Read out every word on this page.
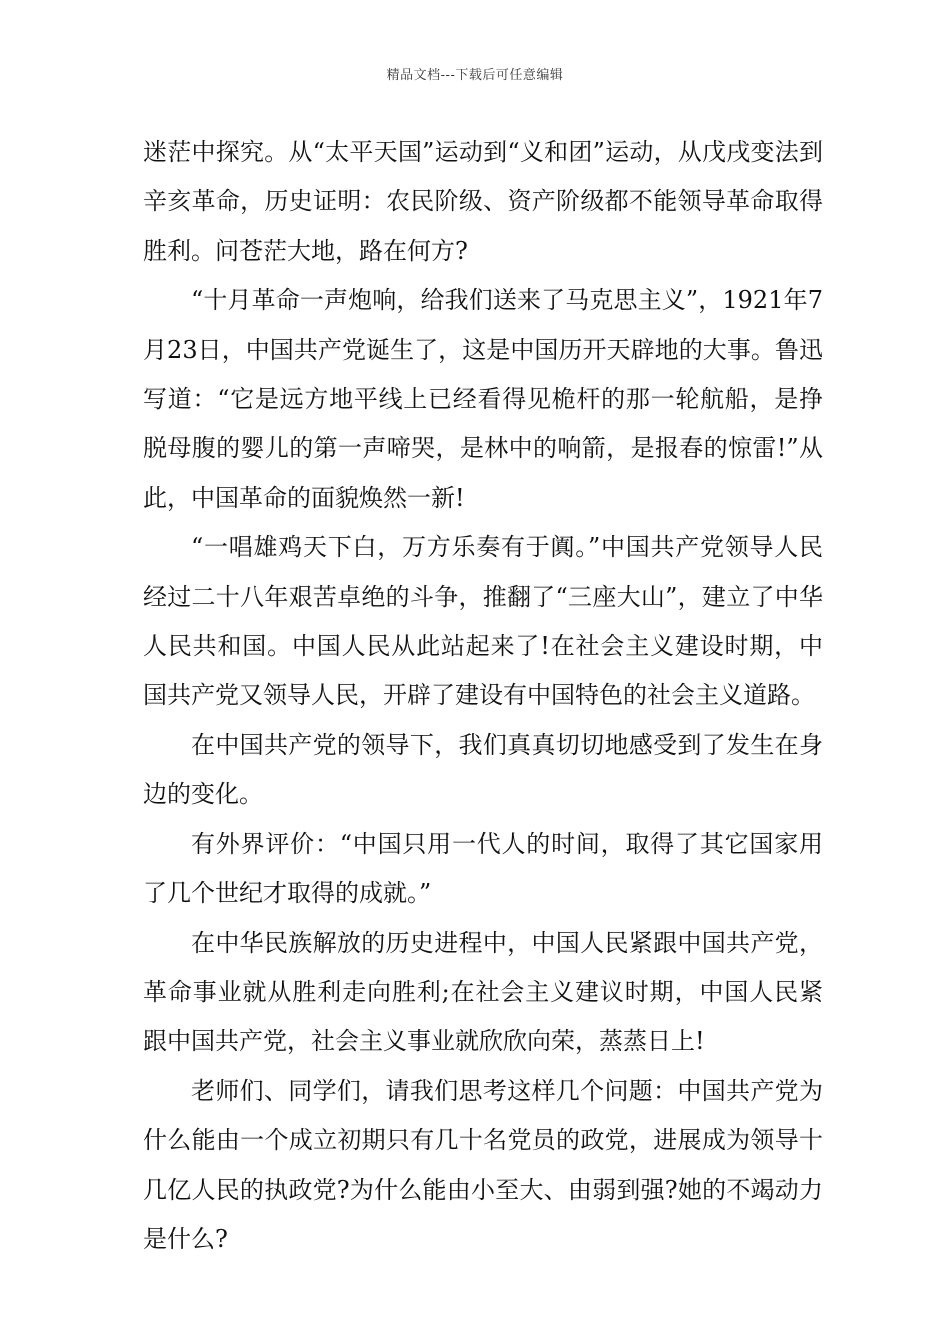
精品文档---下载后可任意编辑

迷茫中探究。从“太平天国”运动到“义和团”运动，从戊戌变法到辛亥革命，历史证明：农民阶级、资产阶级都不能领导革命取得胜利。问苍茫大地，路在何方?

“十月革命一声炮响，给我们送来了马克思主义”，1921年7月23日，中国共产党诞生了，这是中国历开天辟地的大事。鲁迅写道：“它是远方地平线上已经看得见桅杆的那一轮航船，是挣脱母腹的婴儿的第一声啼哭，是林中的响箭，是报春的惊雷!”从此，中国革命的面貌焕然一新!

“一唱雄鸡天下白，万方乐奏有于阗。”中国共产党领导人民经过二十八年艰苦卓绝的斗争，推翻了“三座大山”，建立了中华人民共和国。中国人民从此站起来了!在社会主义建设时期，中国共产党又领导人民，开辟了建设有中国特色的社会主义道路。

在中国共产党的领导下，我们真真切切地感受到了发生在身边的变化。

有外界评价：“中国只用一代人的时间，取得了其它国家用了几个世纪才取得的成就。”

在中华民族解放的历史进程中，中国人民紧跟中国共产党，革命事业就从胜利走向胜利;在社会主义建议时期，中国人民紧跟中国共产党，社会主义事业就欣欣向荣，蒸蒸日上!

老师们、同学们，请我们思考这样几个问题：中国共产党为什么能由一个成立初期只有几十名党员的政党，进展成为领导十几亿人民的执政党?为什么能由小至大、由弱到强?她的不竭动力是什么?
